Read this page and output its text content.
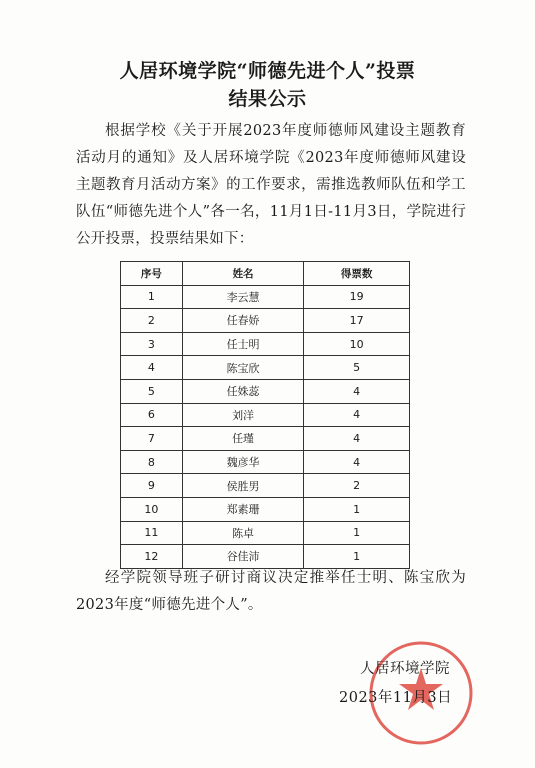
人居环境学院“师德先进个人”投票
结果公示
根据学校《关于开展2023年度师德师风建设主题教育活动月的通知》及人居环境学院《2023年度师德师风建设主题教育月活动方案》的工作要求，需推选教师队伍和学工队伍“师德先进个人”各一名，11月1日-11月3日，学院进行公开投票，投票结果如下：
序号	姓名	得票数
1	李云慧	19
2	任春娇	17
3	任士明	10
4	陈宝欣	5
5	任姝蕊	4
6	刘洋	4
7	任瑾	4
8	魏彦华	4
9	侯胜男	2
10	郑素珊	1
11	陈卓	1
12	谷佳沛	1
经学院领导班子研讨商议决定推举任士明、陈宝欣为2023年度“师德先进个人”。
人居环境学院
2023年11月3日
